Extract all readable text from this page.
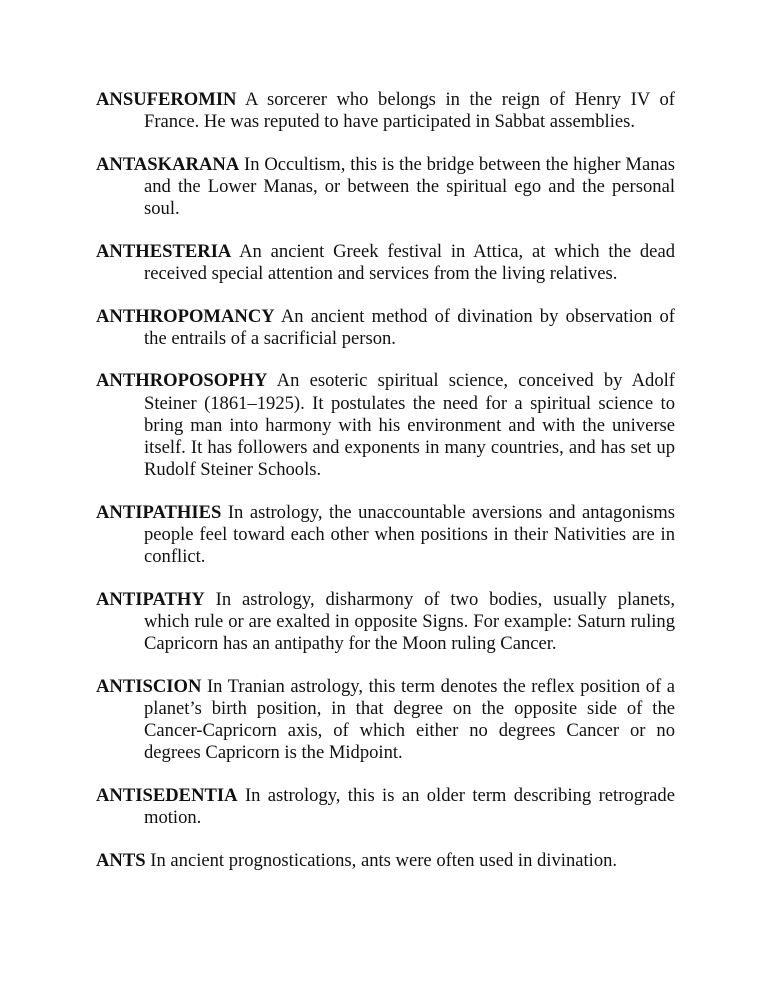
ANSUFEROMIN A sorcerer who belongs in the reign of Henry IV of France. He was reputed to have participated in Sabbat assemblies.

ANTASKARANA In Occultism, this is the bridge between the higher Manas and the Lower Manas, or between the spiritual ego and the personal soul.

ANTHESTERIA An ancient Greek festival in Attica, at which the dead received special attention and services from the living relatives.

ANTHROPOMANCY An ancient method of divination by observation of the entrails of a sacrificial person.

ANTHROPOSOPHY An esoteric spiritual science, conceived by Adolf Steiner (1861–1925). It postulates the need for a spiritual science to bring man into harmony with his environment and with the universe itself. It has followers and exponents in many countries, and has set up Rudolf Steiner Schools.

ANTIPATHIES In astrology, the unaccountable aversions and antagonisms people feel toward each other when positions in their Nativities are in conflict.

ANTIPATHY In astrology, disharmony of two bodies, usually planets, which rule or are exalted in opposite Signs. For example: Saturn ruling Capricorn has an antipathy for the Moon ruling Cancer.

ANTISCION In Tranian astrology, this term denotes the reflex position of a planet’s birth position, in that degree on the opposite side of the Cancer-Capricorn axis, of which either no degrees Cancer or no degrees Capricorn is the Midpoint.

ANTISEDENTIA In astrology, this is an older term describing retrograde motion.

ANTS In ancient prognostications, ants were often used in divination.
